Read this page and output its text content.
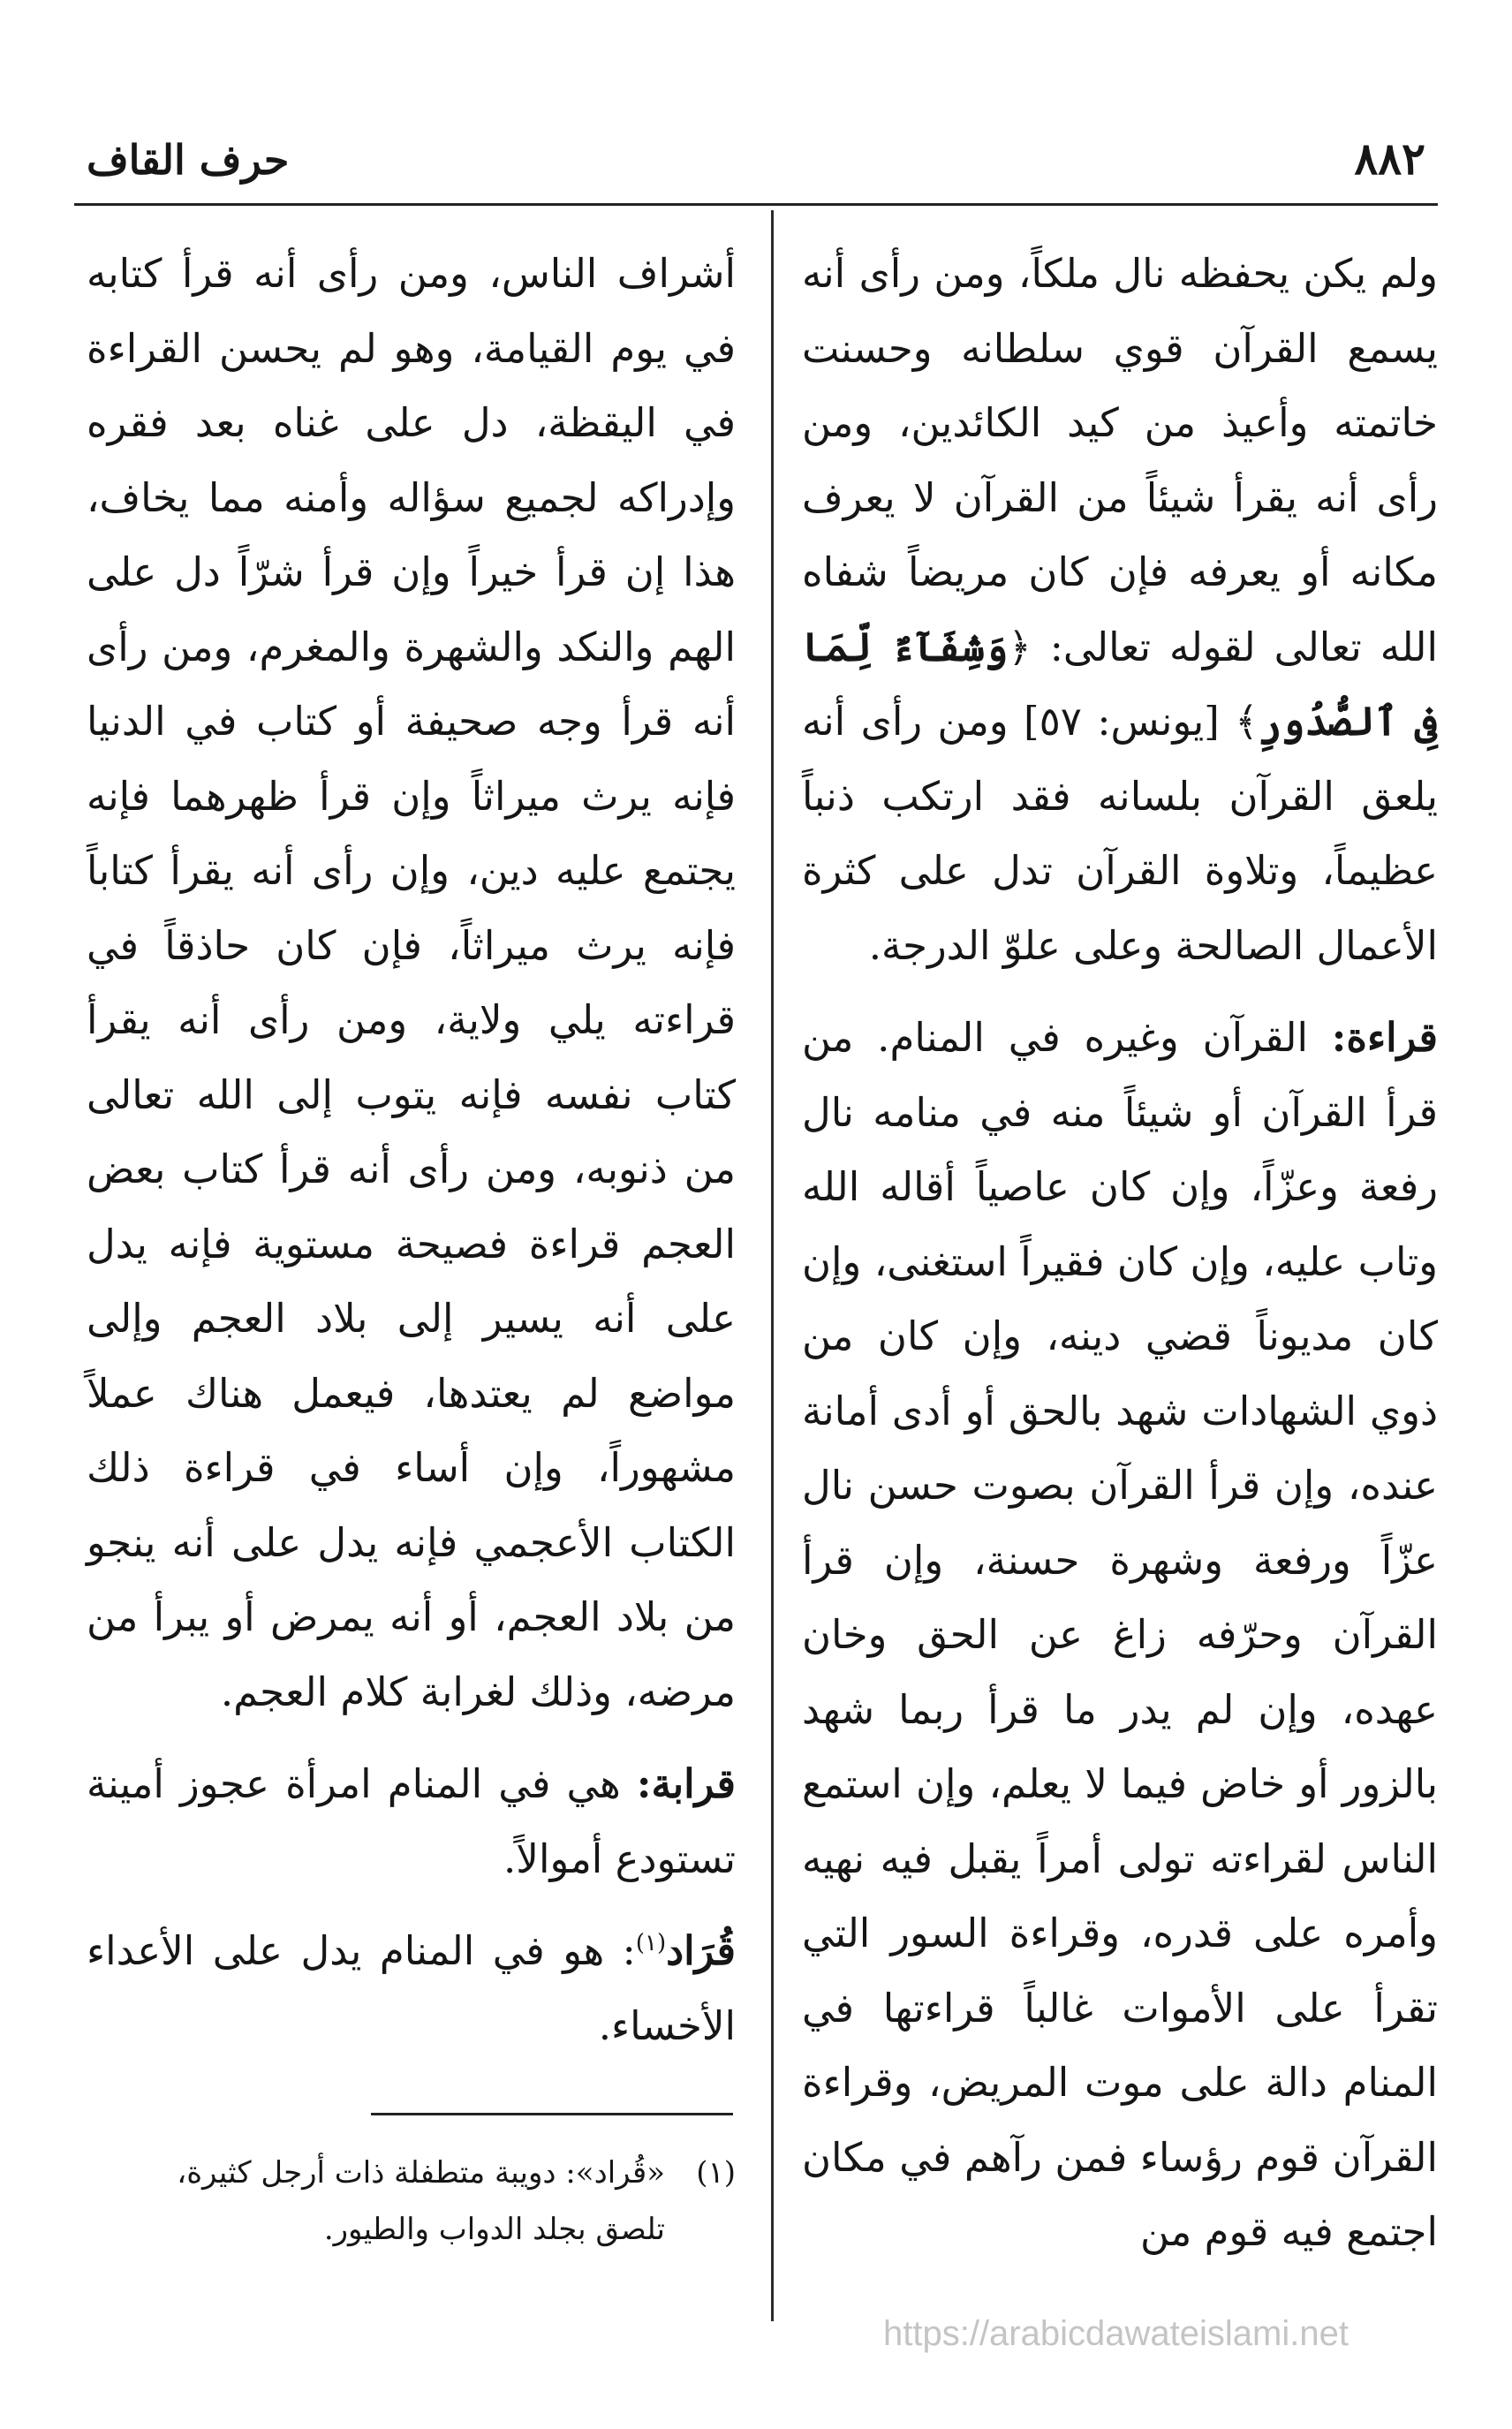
٨٨٢
حرف القاف

ولم يكن يحفظه نال ملكاً، ومن رأى أنه يسمع القرآن قوي سلطانه وحسنت خاتمته وأعيذ من كيد الكائدين، ومن رأى أنه يقرأ شيئاً من القرآن لا يعرف مكانه أو يعرفه فإن كان مريضاً شفاه الله تعالى لقوله تعالى: ﴿وَشِفَآءٌ لِّمَا فِى ٱلصُّدُورِ﴾ [يونس: ٥٧] ومن رأى أنه يلعق القرآن بلسانه فقد ارتكب ذنباً عظيماً، وتلاوة القرآن تدل على كثرة الأعمال الصالحة وعلى علوّ الدرجة.

قراءة: القرآن وغيره في المنام. من قرأ القرآن أو شيئاً منه في منامه نال رفعة وعزّاً، وإن كان عاصياً أقاله الله وتاب عليه، وإن كان فقيراً استغنى، وإن كان مديوناً قضي دينه، وإن كان من ذوي الشهادات شهد بالحق أو أدى أمانة عنده، وإن قرأ القرآن بصوت حسن نال عزّاً ورفعة وشهرة حسنة، وإن قرأ القرآن وحرّفه زاغ عن الحق وخان عهده، وإن لم يدر ما قرأ ربما شهد بالزور أو خاض فيما لا يعلم، وإن استمع الناس لقراءته تولى أمراً يقبل فيه نهيه وأمره على قدره، وقراءة السور التي تقرأ على الأموات غالباً قراءتها في المنام دالة على موت المريض، وقراءة القرآن قوم رؤساء فمن رآهم في مكان اجتمع فيه قوم من

أشراف الناس، ومن رأى أنه قرأ كتابه في يوم القيامة، وهو لم يحسن القراءة في اليقظة، دل على غناه بعد فقره وإدراكه لجميع سؤاله وأمنه مما يخاف، هذا إن قرأ خيراً وإن قرأ شرّاً دل على الهم والنكد والشهرة والمغرم، ومن رأى أنه قرأ وجه صحيفة أو كتاب في الدنيا فإنه يرث ميراثاً وإن قرأ ظهرهما فإنه يجتمع عليه دين، وإن رأى أنه يقرأ كتاباً فإنه يرث ميراثاً، فإن كان حاذقاً في قراءته يلي ولاية، ومن رأى أنه يقرأ كتاب نفسه فإنه يتوب إلى الله تعالى من ذنوبه، ومن رأى أنه قرأ كتاب بعض العجم قراءة فصيحة مستوية فإنه يدل على أنه يسير إلى بلاد العجم وإلى مواضع لم يعتدها، فيعمل هناك عملاً مشهوراً، وإن أساء في قراءة ذلك الكتاب الأعجمي فإنه يدل على أنه ينجو من بلاد العجم، أو أنه يمرض أو يبرأ من مرضه، وذلك لغرابة كلام العجم.

قرابة: هي في المنام امرأة عجوز أمينة تستودع أموالاً.

قُرَاد$^{(١)}$: هو في المنام يدل على الأعداء الأخساء.

(١)«قُراد»: دويبة متطفلة ذات أرجل كثيرة،
تلصق بجلد الدواب والطيور.
https://arabicdawateislami.net
